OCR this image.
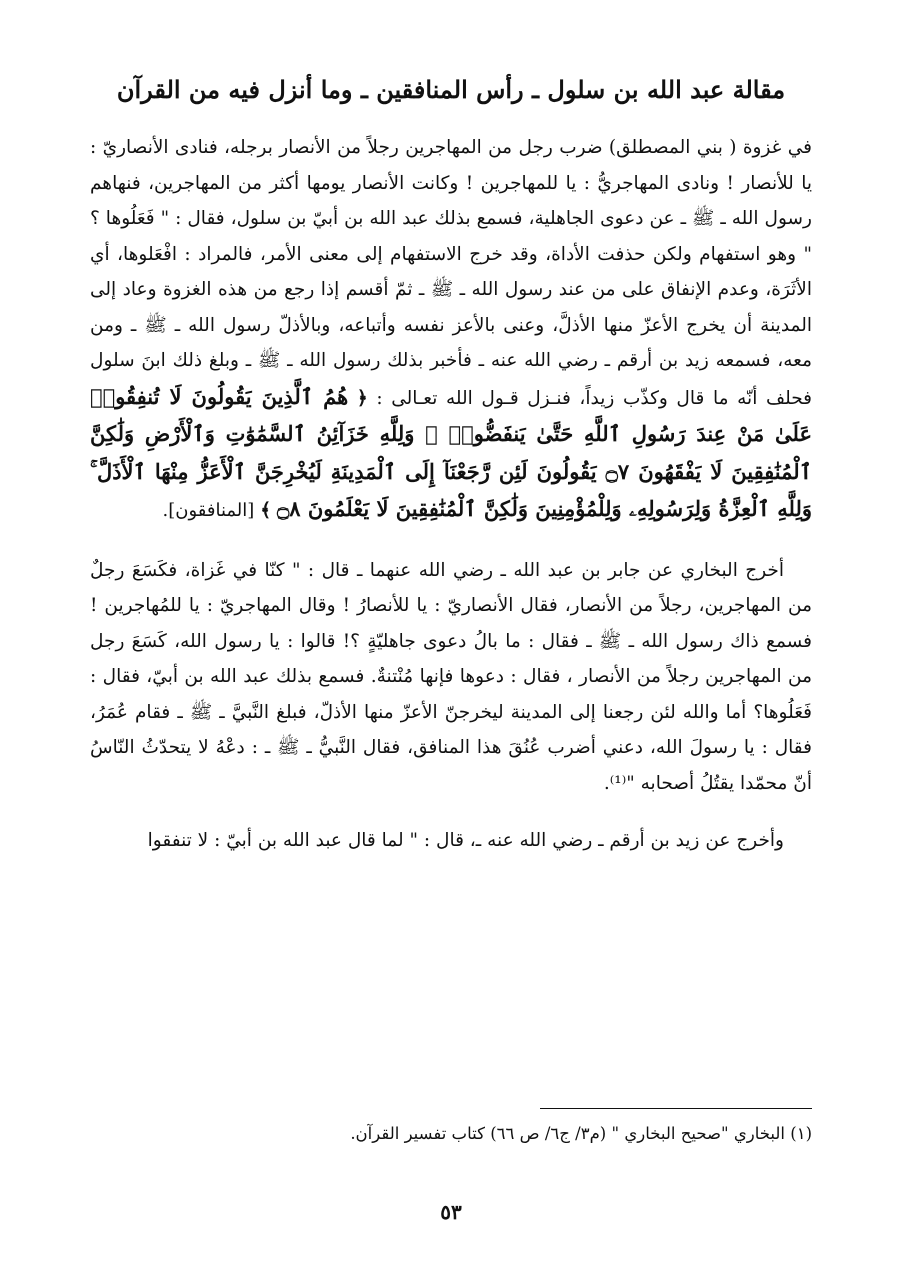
مقالة عبد الله بن سلول ـ رأس المنافقين ـ وما أنزل فيه من القرآن

في غزوة ( بني المصطلق) ضرب رجل من المهاجرين رجلاً من الأنصار برجله، فنادى الأنصاريّ : يا للأنصار ! ونادى المهاجريُّ : يا للمهاجرين ! وكانت الأنصار يومها أكثر من المهاجرين، فنهاهم رسول الله ـ ﷺ ـ عن دعوى الجاهلية، فسمع بذلك عبد الله بن أبيّ بن سلول، فقال : " فَعَلُوها ؟ " وهو استفهام ولكن حذفت الأداة، وقد خرج الاستفهام إلى معنى الأمر، فالمراد : افْعَلوها، أي الأثَرَة، وعدم الإنفاق على من عند رسول الله ـ ﷺ ـ ثمّ أقسم إذا رجع من هذه الغزوة وعاد إلى المدينة أن يخرج الأعزّ منها الأذلَّ، وعنى بالأعز نفسه وأتباعه، وبالأذلّ رسول الله ـ ﷺ ـ ومن معه، فسمعه زيد بن أرقم ـ رضي الله عنه ـ فأخبر بذلك رسول الله ـ ﷺ ـ وبلغ ذلك ابنَ سلول فحلف أنّه ما قال وكذّب زيداً، فنـزل قـول الله تعـالى : ﴿ هُمُ ٱلَّذِينَ يَقُولُونَ لَا تُنفِقُوا۟ عَلَىٰ مَنْ عِندَ رَسُولِ ٱللَّهِ حَتَّىٰ يَنفَضُّوا۟ ۗ وَلِلَّهِ خَزَآئِنُ ٱلسَّمَٰوَٰتِ وَٱلْأَرْضِ وَلَٰكِنَّ ٱلْمُنَٰفِقِينَ لَا يَفْقَهُونَ ۝٧ يَقُولُونَ لَئِن رَّجَعْنَآ إِلَى ٱلْمَدِينَةِ لَيُخْرِجَنَّ ٱلْأَعَزُّ مِنْهَا ٱلْأَذَلَّ ۚ وَلِلَّهِ ٱلْعِزَّةُ وَلِرَسُولِهِۦ وَلِلْمُؤْمِنِينَ وَلَٰكِنَّ ٱلْمُنَٰفِقِينَ لَا يَعْلَمُونَ ۝٨ ﴾ [المنافقون].

أخرج البخاري عن جابر بن عبد الله ـ رضي الله عنهما ـ قال : " كنّا في غَزاة، فكَسَعَ رجلٌ من المهاجرين، رجلاً من الأنصار، فقال الأنصاريّ : يا للأنصارُ ! وقال المهاجريّ : يا للمُهاجرين ! فسمع ذاك رسول الله ـ ﷺ ـ فقال : ما بالُ دعوى جاهليّةٍ ؟! قالوا : يا رسول الله، كَسَعَ رجل من المهاجرين رجلاً من الأنصار ، فقال : دعوها فإنها مُنْتنةٌ. فسمع بذلك عبد الله بن أبيّ، فقال : فَعَلُوها؟ أما والله لئن رجعنا إلى المدينة ليخرجنّ الأعزّ منها الأذلّ، فبلغ النَّبيَّ ـ ﷺ ـ فقام عُمَرُ، فقال : يا رسولَ الله، دعني أضرب عُنُقَ هذا المنافق، فقال النَّبيُّ ـ ﷺ ـ : دعْهُ لا يتحدّثُ النّاسُ أنّ محمّدا يقتُلُ أصحابه "⁽¹⁾.

وأخرج عن زيد بن أرقم ـ رضي الله عنه ـ، قال : " لما قال عبد الله بن أبيّ : لا تنفقوا

(١) البخاري "صحيح البخاري " (م٣/ ج٦/ ص ٦٦) كتاب تفسير القرآن.
٥٣
